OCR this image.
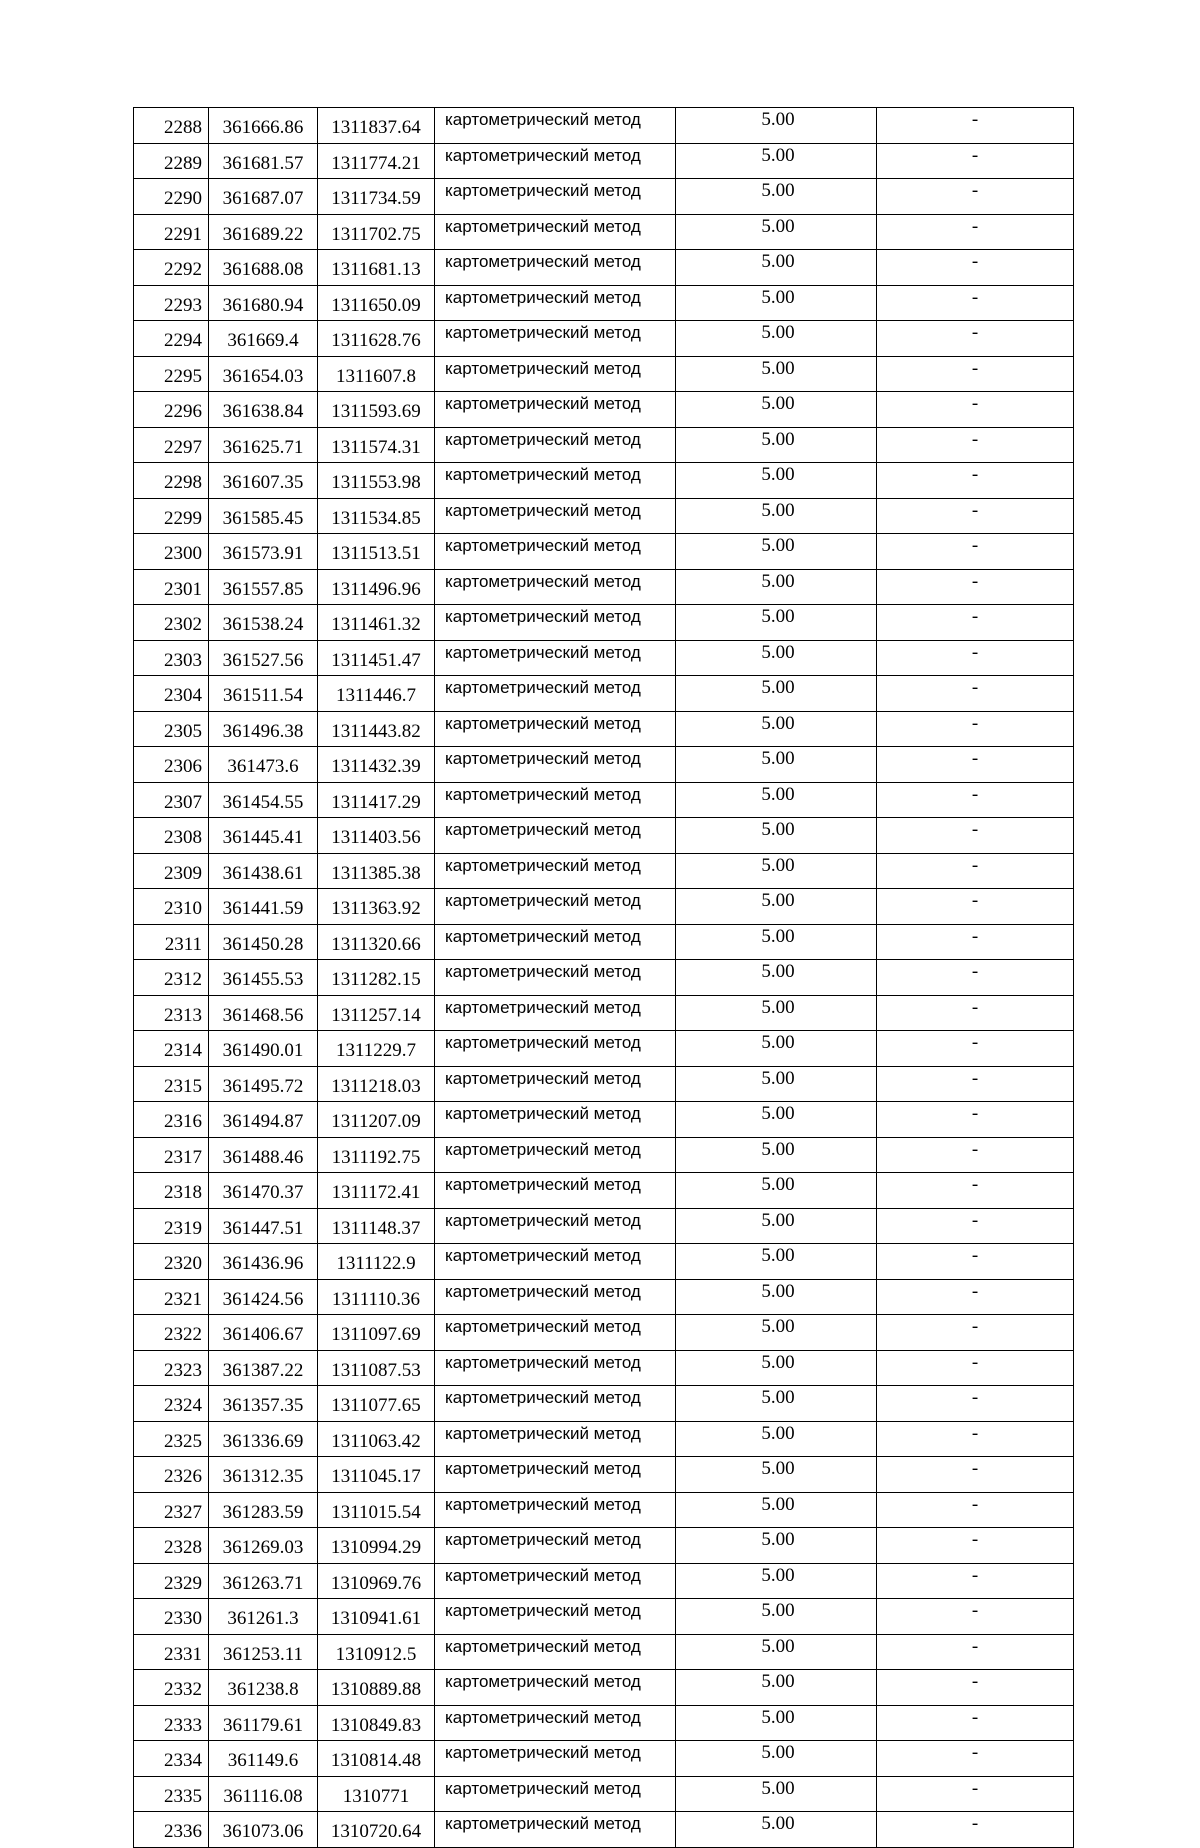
2288	361666.86	1311837.64	картометрический метод	5.00	-
2289	361681.57	1311774.21	картометрический метод	5.00	-
2290	361687.07	1311734.59	картометрический метод	5.00	-
2291	361689.22	1311702.75	картометрический метод	5.00	-
2292	361688.08	1311681.13	картометрический метод	5.00	-
2293	361680.94	1311650.09	картометрический метод	5.00	-
2294	361669.4	1311628.76	картометрический метод	5.00	-
2295	361654.03	1311607.8	картометрический метод	5.00	-
2296	361638.84	1311593.69	картометрический метод	5.00	-
2297	361625.71	1311574.31	картометрический метод	5.00	-
2298	361607.35	1311553.98	картометрический метод	5.00	-
2299	361585.45	1311534.85	картометрический метод	5.00	-
2300	361573.91	1311513.51	картометрический метод	5.00	-
2301	361557.85	1311496.96	картометрический метод	5.00	-
2302	361538.24	1311461.32	картометрический метод	5.00	-
2303	361527.56	1311451.47	картометрический метод	5.00	-
2304	361511.54	1311446.7	картометрический метод	5.00	-
2305	361496.38	1311443.82	картометрический метод	5.00	-
2306	361473.6	1311432.39	картометрический метод	5.00	-
2307	361454.55	1311417.29	картометрический метод	5.00	-
2308	361445.41	1311403.56	картометрический метод	5.00	-
2309	361438.61	1311385.38	картометрический метод	5.00	-
2310	361441.59	1311363.92	картометрический метод	5.00	-
2311	361450.28	1311320.66	картометрический метод	5.00	-
2312	361455.53	1311282.15	картометрический метод	5.00	-
2313	361468.56	1311257.14	картометрический метод	5.00	-
2314	361490.01	1311229.7	картометрический метод	5.00	-
2315	361495.72	1311218.03	картометрический метод	5.00	-
2316	361494.87	1311207.09	картометрический метод	5.00	-
2317	361488.46	1311192.75	картометрический метод	5.00	-
2318	361470.37	1311172.41	картометрический метод	5.00	-
2319	361447.51	1311148.37	картометрический метод	5.00	-
2320	361436.96	1311122.9	картометрический метод	5.00	-
2321	361424.56	1311110.36	картометрический метод	5.00	-
2322	361406.67	1311097.69	картометрический метод	5.00	-
2323	361387.22	1311087.53	картометрический метод	5.00	-
2324	361357.35	1311077.65	картометрический метод	5.00	-
2325	361336.69	1311063.42	картометрический метод	5.00	-
2326	361312.35	1311045.17	картометрический метод	5.00	-
2327	361283.59	1311015.54	картометрический метод	5.00	-
2328	361269.03	1310994.29	картометрический метод	5.00	-
2329	361263.71	1310969.76	картометрический метод	5.00	-
2330	361261.3	1310941.61	картометрический метод	5.00	-
2331	361253.11	1310912.5	картометрический метод	5.00	-
2332	361238.8	1310889.88	картометрический метод	5.00	-
2333	361179.61	1310849.83	картометрический метод	5.00	-
2334	361149.6	1310814.48	картометрический метод	5.00	-
2335	361116.08	1310771	картометрический метод	5.00	-
2336	361073.06	1310720.64	картометрический метод	5.00	-
